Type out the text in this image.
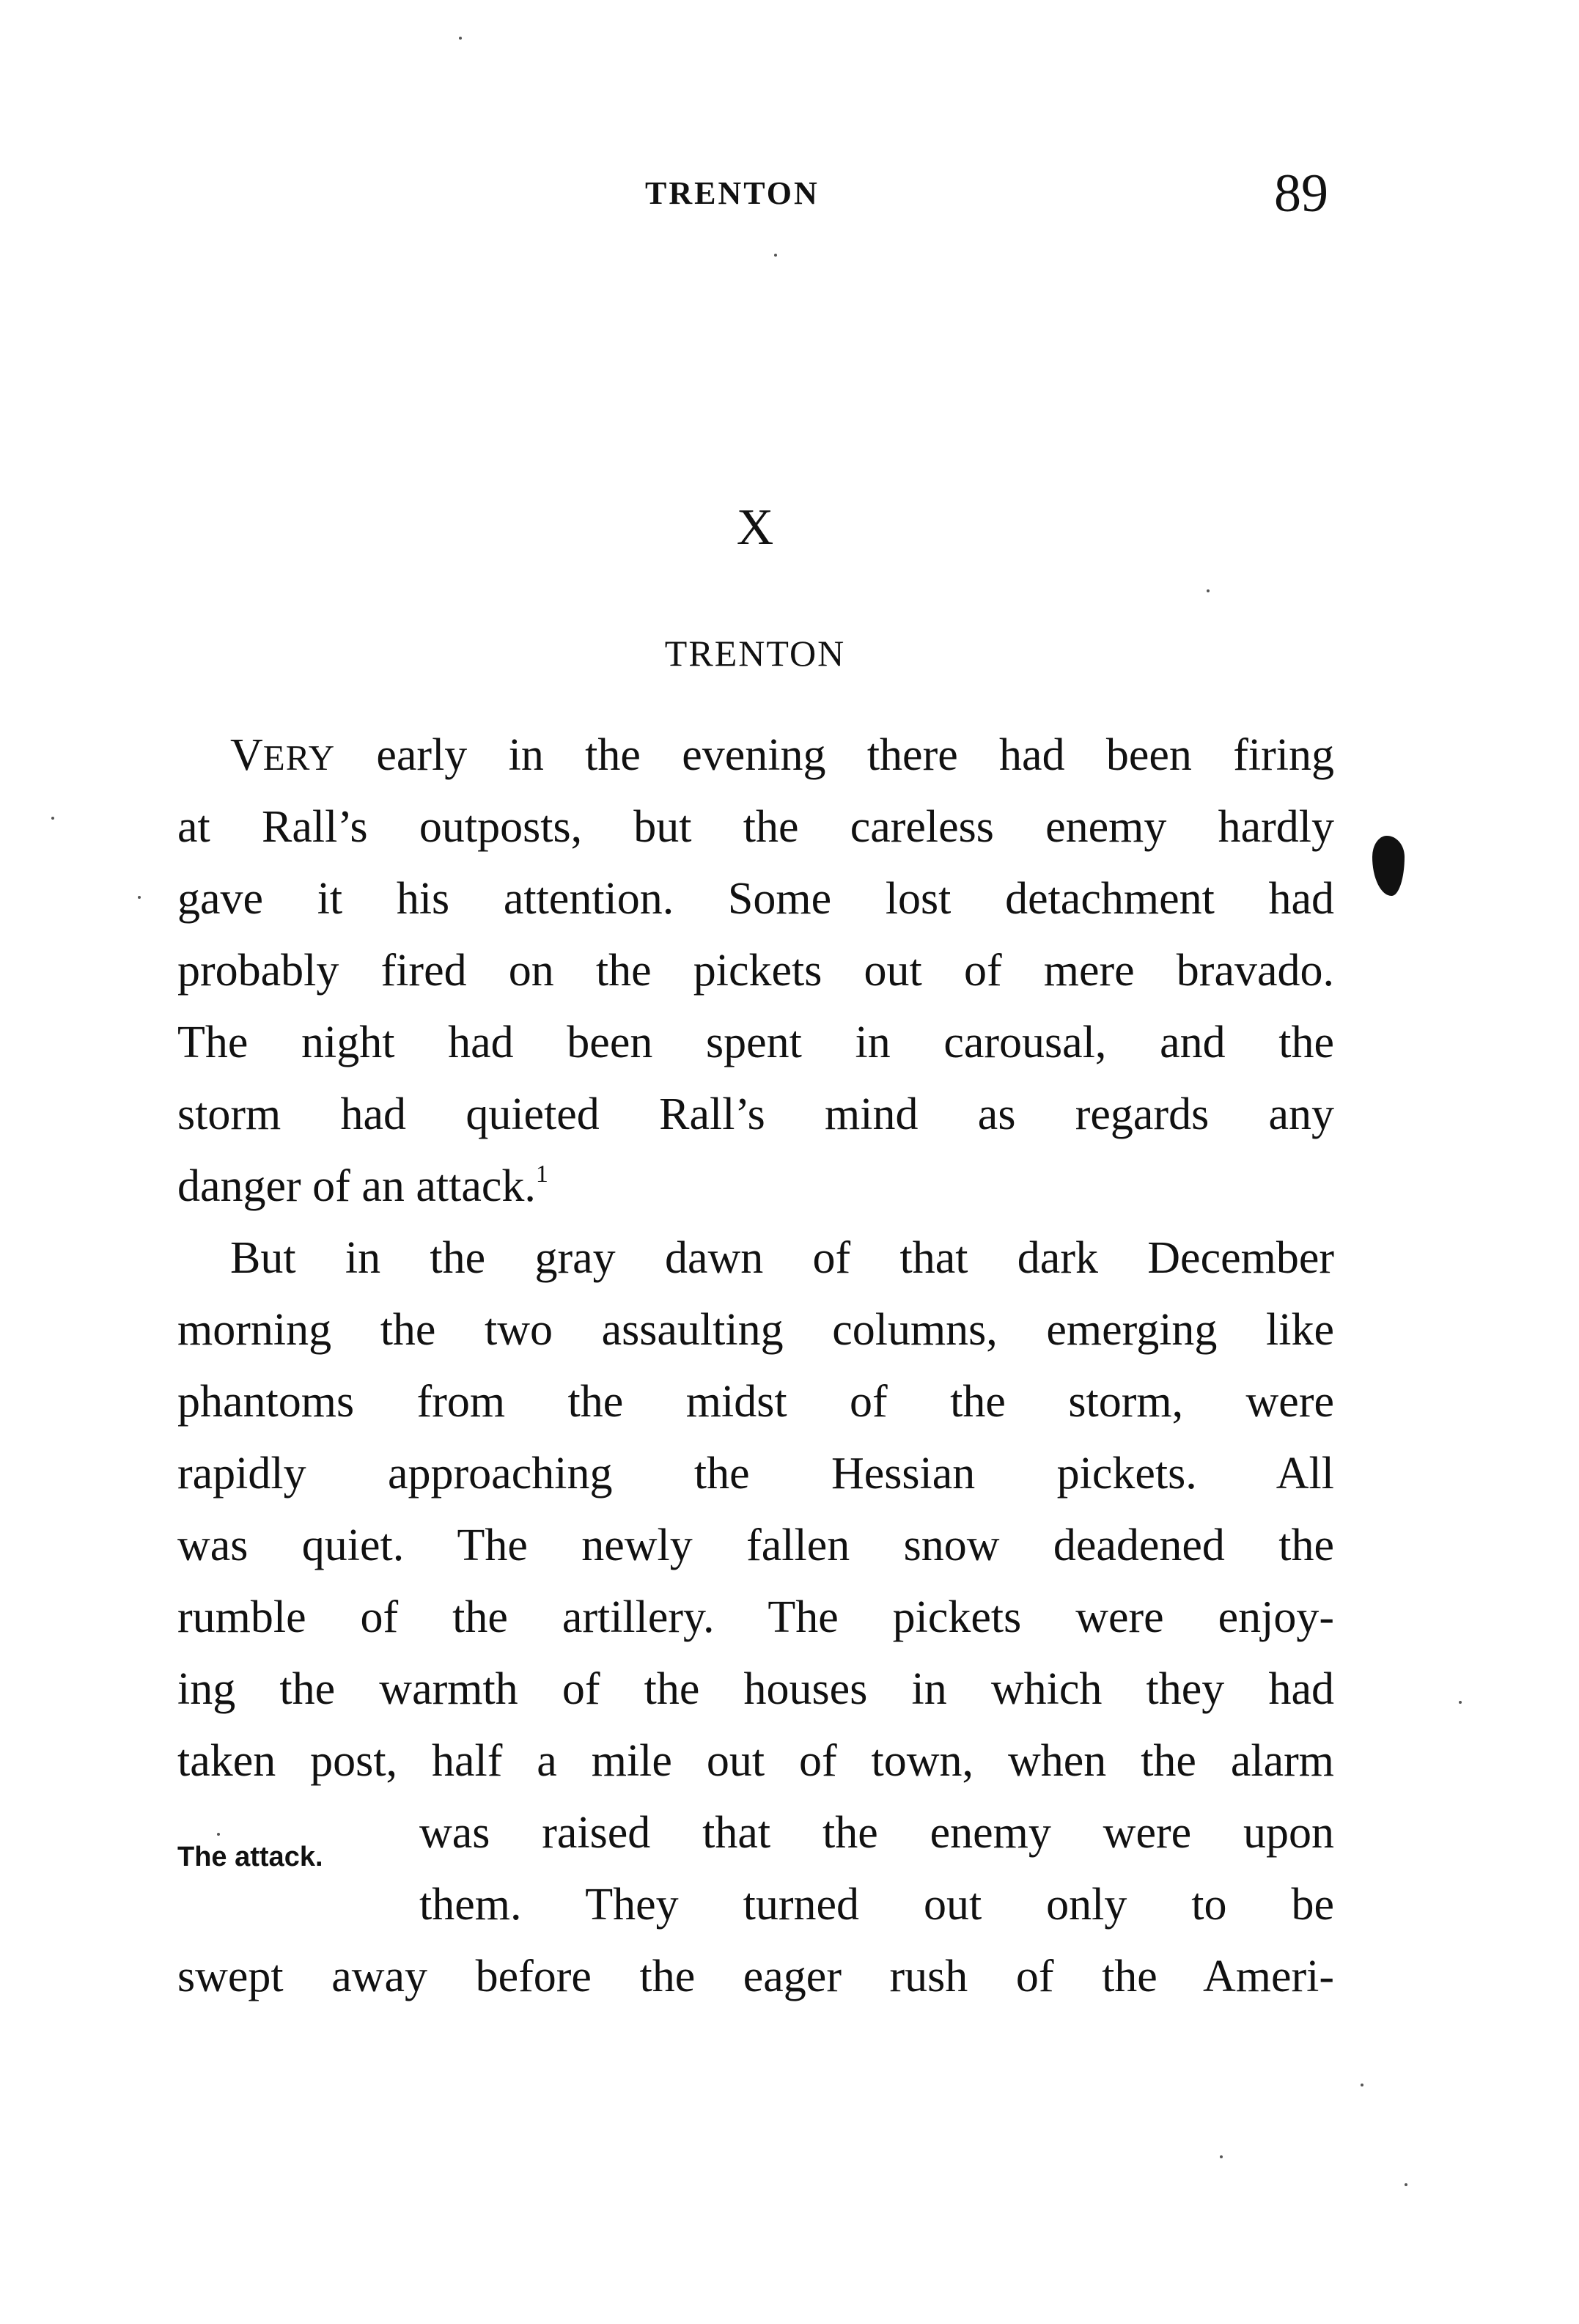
TRENTON	89
X
TRENTON
VERY early in the evening there had been firing
at Rall’s outposts, but the careless enemy hardly
gave it his attention. Some lost detachment had
probably fired on the pickets out of mere bravado.
The night had been spent in carousal, and the
storm had quieted Rall’s mind as regards any
danger of an attack.$^1$
But in the gray dawn of that dark December
morning the two assaulting columns, emerging like
phantoms from the midst of the storm, were
rapidly approaching the Hessian pickets. All
was quiet. The newly fallen snow deadened the
rumble of the artillery. The pickets were enjoy-
ing the warmth of the houses in which they had
taken post, half a mile out of town, when the alarm
was raised that the enemy were upon
them. They turned out only to be
swept away before the eager rush of the Ameri-
The attack.
